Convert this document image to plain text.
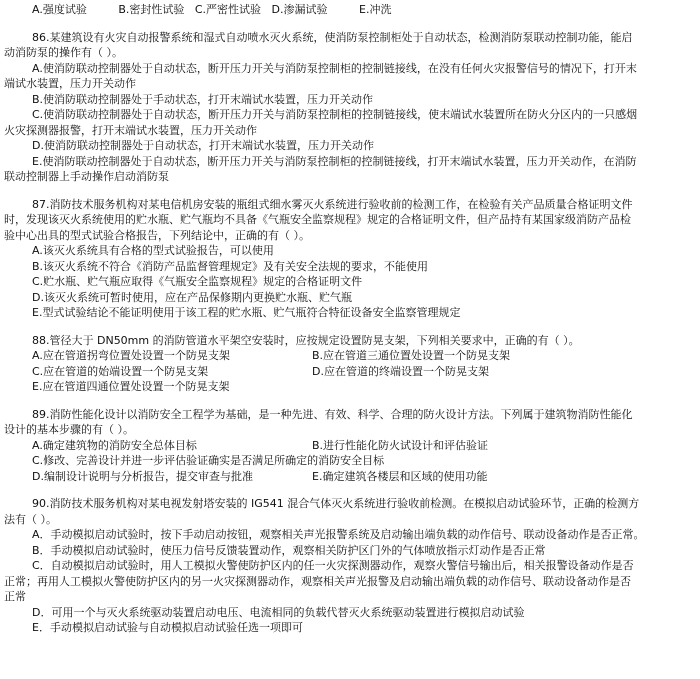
A.强度试验	B.密封性试验 C.严密性试验 D.渗漏试验	E.冲洗
86.某建筑设有火灾自动报警系统和湿式自动喷水灭火系统，使消防泵控制柜处于自动状态，检测消防泵联动控制功能，能启
动消防泵的操作有（ ）。
A.使消防联动控制器处于自动状态，断开压力开关与消防泵控制柜的控制链接线，在没有任何火灾报警信号的情况下，打开末
端试水装置，压力开关动作
B.使消防联动控制器处于手动状态，打开末端试水装置，压力开关动作
C.使消防联动控制器处于自动状态，断开压力开关与消防泵控制柜的控制链接线，使末端试水装置所在防火分区内的一只感烟
火灾探测器报警，打开末端试水装置，压力开关动作
D.使消防联动控制器处于自动状态，打开末端试水装置，压力开关动作
E.使消防联动控制器处于自动状态，断开压力开关与消防泵控制柜的控制链接线，打开末端试水装置，压力开关动作，在消防
联动控制器上手动操作启动消防泵
87.消防技术服务机构对某电信机房安装的瓶组式细水雾灭火系统进行验收前的检测工作，在检验有关产品质量合格证明文件
时，发现该灭火系统使用的贮水瓶、贮气瓶均不具备《气瓶安全监察规程》规定的合格证明文件，但产品持有某国家级消防产品检
验中心出具的型式试验合格报告，下列结论中，正确的有（ ）。
A.该灭火系统具有合格的型式试验报告，可以使用
B.该灭火系统不符合《消防产品监督管理规定》及有关安全法规的要求，不能使用
C.贮水瓶、贮气瓶应取得《气瓶安全监察规程》规定的合格证明文件
D.该灭火系统可暂时使用，应在产品保修期内更换贮水瓶、贮气瓶
E.型式试验结论不能证明使用于该工程的贮水瓶、贮气瓶符合特征设备安全监察管理规定
88.管径大于 DN50mm 的消防管道水平架空安装时，应按规定设置防晃支架，下列相关要求中，正确的有（ ）。
A.应在管道拐弯位置处设置一个防晃支架	B.应在管道三通位置处设置一个防晃支架
C.应在管道的始端设置一个防晃支架	D.应在管道的终端设置一个防晃支架
E.应在管道四通位置处设置一个防晃支架
89.消防性能化设计以消防安全工程学为基础，是一种先进、有效、科学、合理的防火设计方法。下列属于建筑物消防性能化
设计的基本步骤的有（ ）。
A.确定建筑物的消防安全总体目标	B.进行性能化防火试设计和评估验证
C.修改、完善设计并进一步评估验证确实是否满足所确定的消防安全目标
D.编制设计说明与分析报告，提交审查与批准	E.确定建筑各楼层和区域的使用功能
90.消防技术服务机构对某电视发射塔安装的 IG541 混合气体灭火系统进行验收前检测。在模拟启动试验环节，正确的检测方
法有（ ）。
A．手动模拟启动试验时，按下手动启动按钮，观察相关声光报警系统及启动输出端负载的动作信号、联动设备动作是否正常。
B．手动模拟启动试验时，使压力信号反馈装置动作，观察相关防护区门外的气体喷放指示灯动作是否正常
C．自动模拟启动试验时，用人工模拟火警使防护区内的任一火灾探测器动作，观察火警信号输出后，相关报警设备动作是否
正常；再用人工模拟火警使防护区内的另一火灾探测器动作，观察相关声光报警及启动输出端负载的动作信号、联动设备动作是否
正常
D．可用一个与灭火系统驱动装置启动电压、电流相同的负载代替灭火系统驱动装置进行模拟启动试验
E．手动模拟启动试验与自动模拟启动试验任选一项即可
